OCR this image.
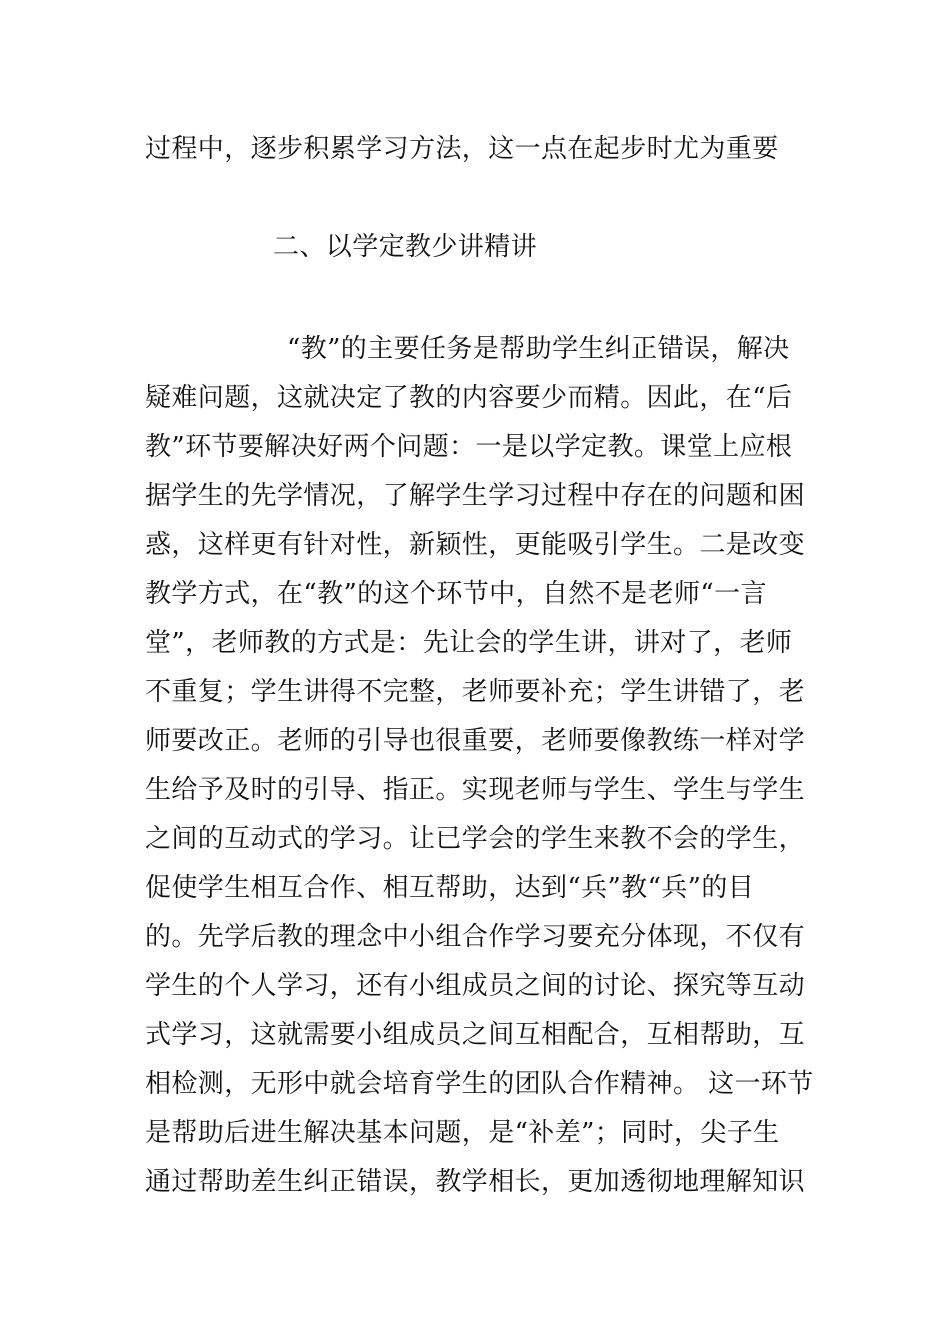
过程中，逐步积累学习方法，这一点在起步时尤为重要
二、以学定教少讲精讲
“教”的主要任务是帮助学生纠正错误，解决
疑难问题，这就决定了教的内容要少而精。因此，在“后
教”环节要解决好两个问题：一是以学定教。课堂上应根
据学生的先学情况，了解学生学习过程中存在的问题和困
惑，这样更有针对性，新颖性，更能吸引学生。二是改变
教学方式，在“教”的这个环节中，自然不是老师“一言
堂”，老师教的方式是：先让会的学生讲，讲对了，老师
不重复；学生讲得不完整，老师要补充；学生讲错了，老
师要改正。老师的引导也很重要，老师要像教练一样对学
生给予及时的引导、指正。实现老师与学生、学生与学生
之间的互动式的学习。让已学会的学生来教不会的学生，
促使学生相互合作、相互帮助，达到“兵”教“兵”的目
的。先学后教的理念中小组合作学习要充分体现，不仅有
学生的个人学习，还有小组成员之间的讨论、探究等互动
式学习，这就需要小组成员之间互相配合，互相帮助，互
相检测，无形中就会培育学生的团队合作精神。 这一环节
是帮助后进生解决基本问题，是“补差”；同时，尖子生
通过帮助差生纠正错误，教学相长，更加透彻地理解知识
